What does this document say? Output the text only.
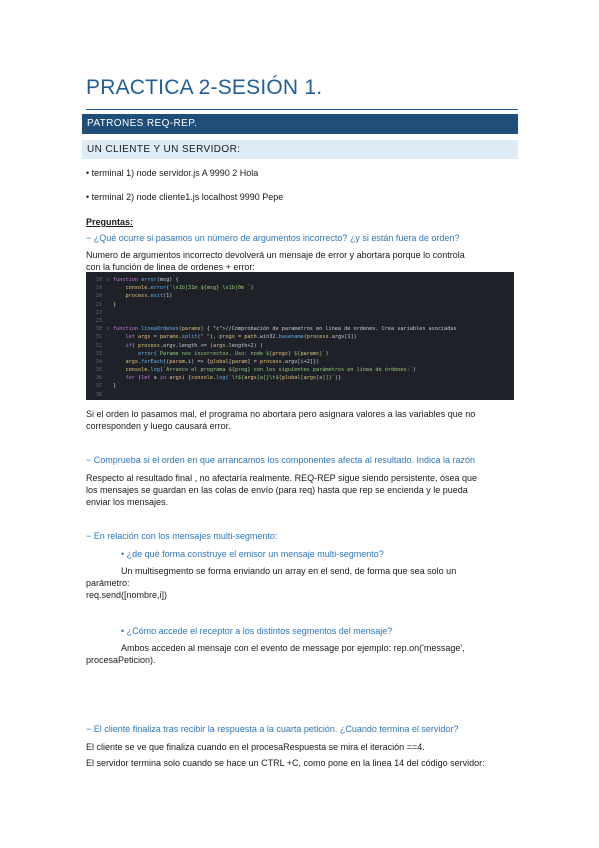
PRACTICA 2-SESIÓN 1.
PATRONES REQ-REP.
UN CLIENTE Y UN SERVIDOR:
• terminal 1) node servidor.js A 9990 2 Hola
• terminal 2) node cliente1.js localhost 9990 Pepe
Preguntas:
− ¿Qué ocurre si pasamos un número de argumentos incorrecto? ¿y si están fuera de orden?
Numero de argumentos incorrecto devolverá un mensaje de error y abortara porque lo controla
con la función de linea de ordenes + error:
18 ∨ function error(msg) {
19	console.error(`\x1b[31m ${msg} \x1b[0m `)
20	process.exit(1)
21	}
22
23
30 ∨ function lineaOrdenes(params) { "c">//Comprobación de parametros en linea de ordenes. Crea variables asociadas
31	let args = params.split(" "), progs = path.win32.basename(process.argv[1])
32	if( process.argv.length <= (args.length+2) )
33	error(`Parame nos incorrectos. Uso: node ${progs} ${params}`)
34	args.forEach((param,i) => {global[param] = process.argv[i+2]})
35	console.log(`Arranco el programa ${prog} con los siguientes parámetros en línea de órdenes:`)
36	for (let a in args) {console.log(`\t${args[a]}\t${global[args[a]]}`)}
37	}
38
Si el orden lo pasamos mal, el programa no abortara pero asignara valores a las variables que no
corresponden y luego causará error.
− Comprueba si el orden en que arrancamos los componentes afecta al resultado. Indica la razón
Respecto al resultado final , no afectaría realmente. REQ-REP sigue siendo persistente, ósea que
los mensajes se guardan en las colas de envío (para req) hasta que rep se encienda y le pueda
enviar los mensajes.
− En relación con los mensajes multi-segmento:
• ¿de qué forma construye el emisor un mensaje multi-segmento?
Un multisegmento se forma enviando un array en el send, de forma que sea solo un
parámetro:
req.send([nombre,i])
• ¿Cómo accede el receptor a los distintos segmentos del mensaje?
Ambos acceden al mensaje con el evento de message por ejemplo: rep.on('message',
procesaPeticion).
− El cliente finaliza tras recibir la respuesta a la cuarta petición. ¿Cuando termina el servidor?
El cliente se ve que finaliza cuando en el procesaRespuesta se mira el iteración ==4.
El servidor termina solo cuando se hace un CTRL +C, como pone en la linea 14 del código servidor:
